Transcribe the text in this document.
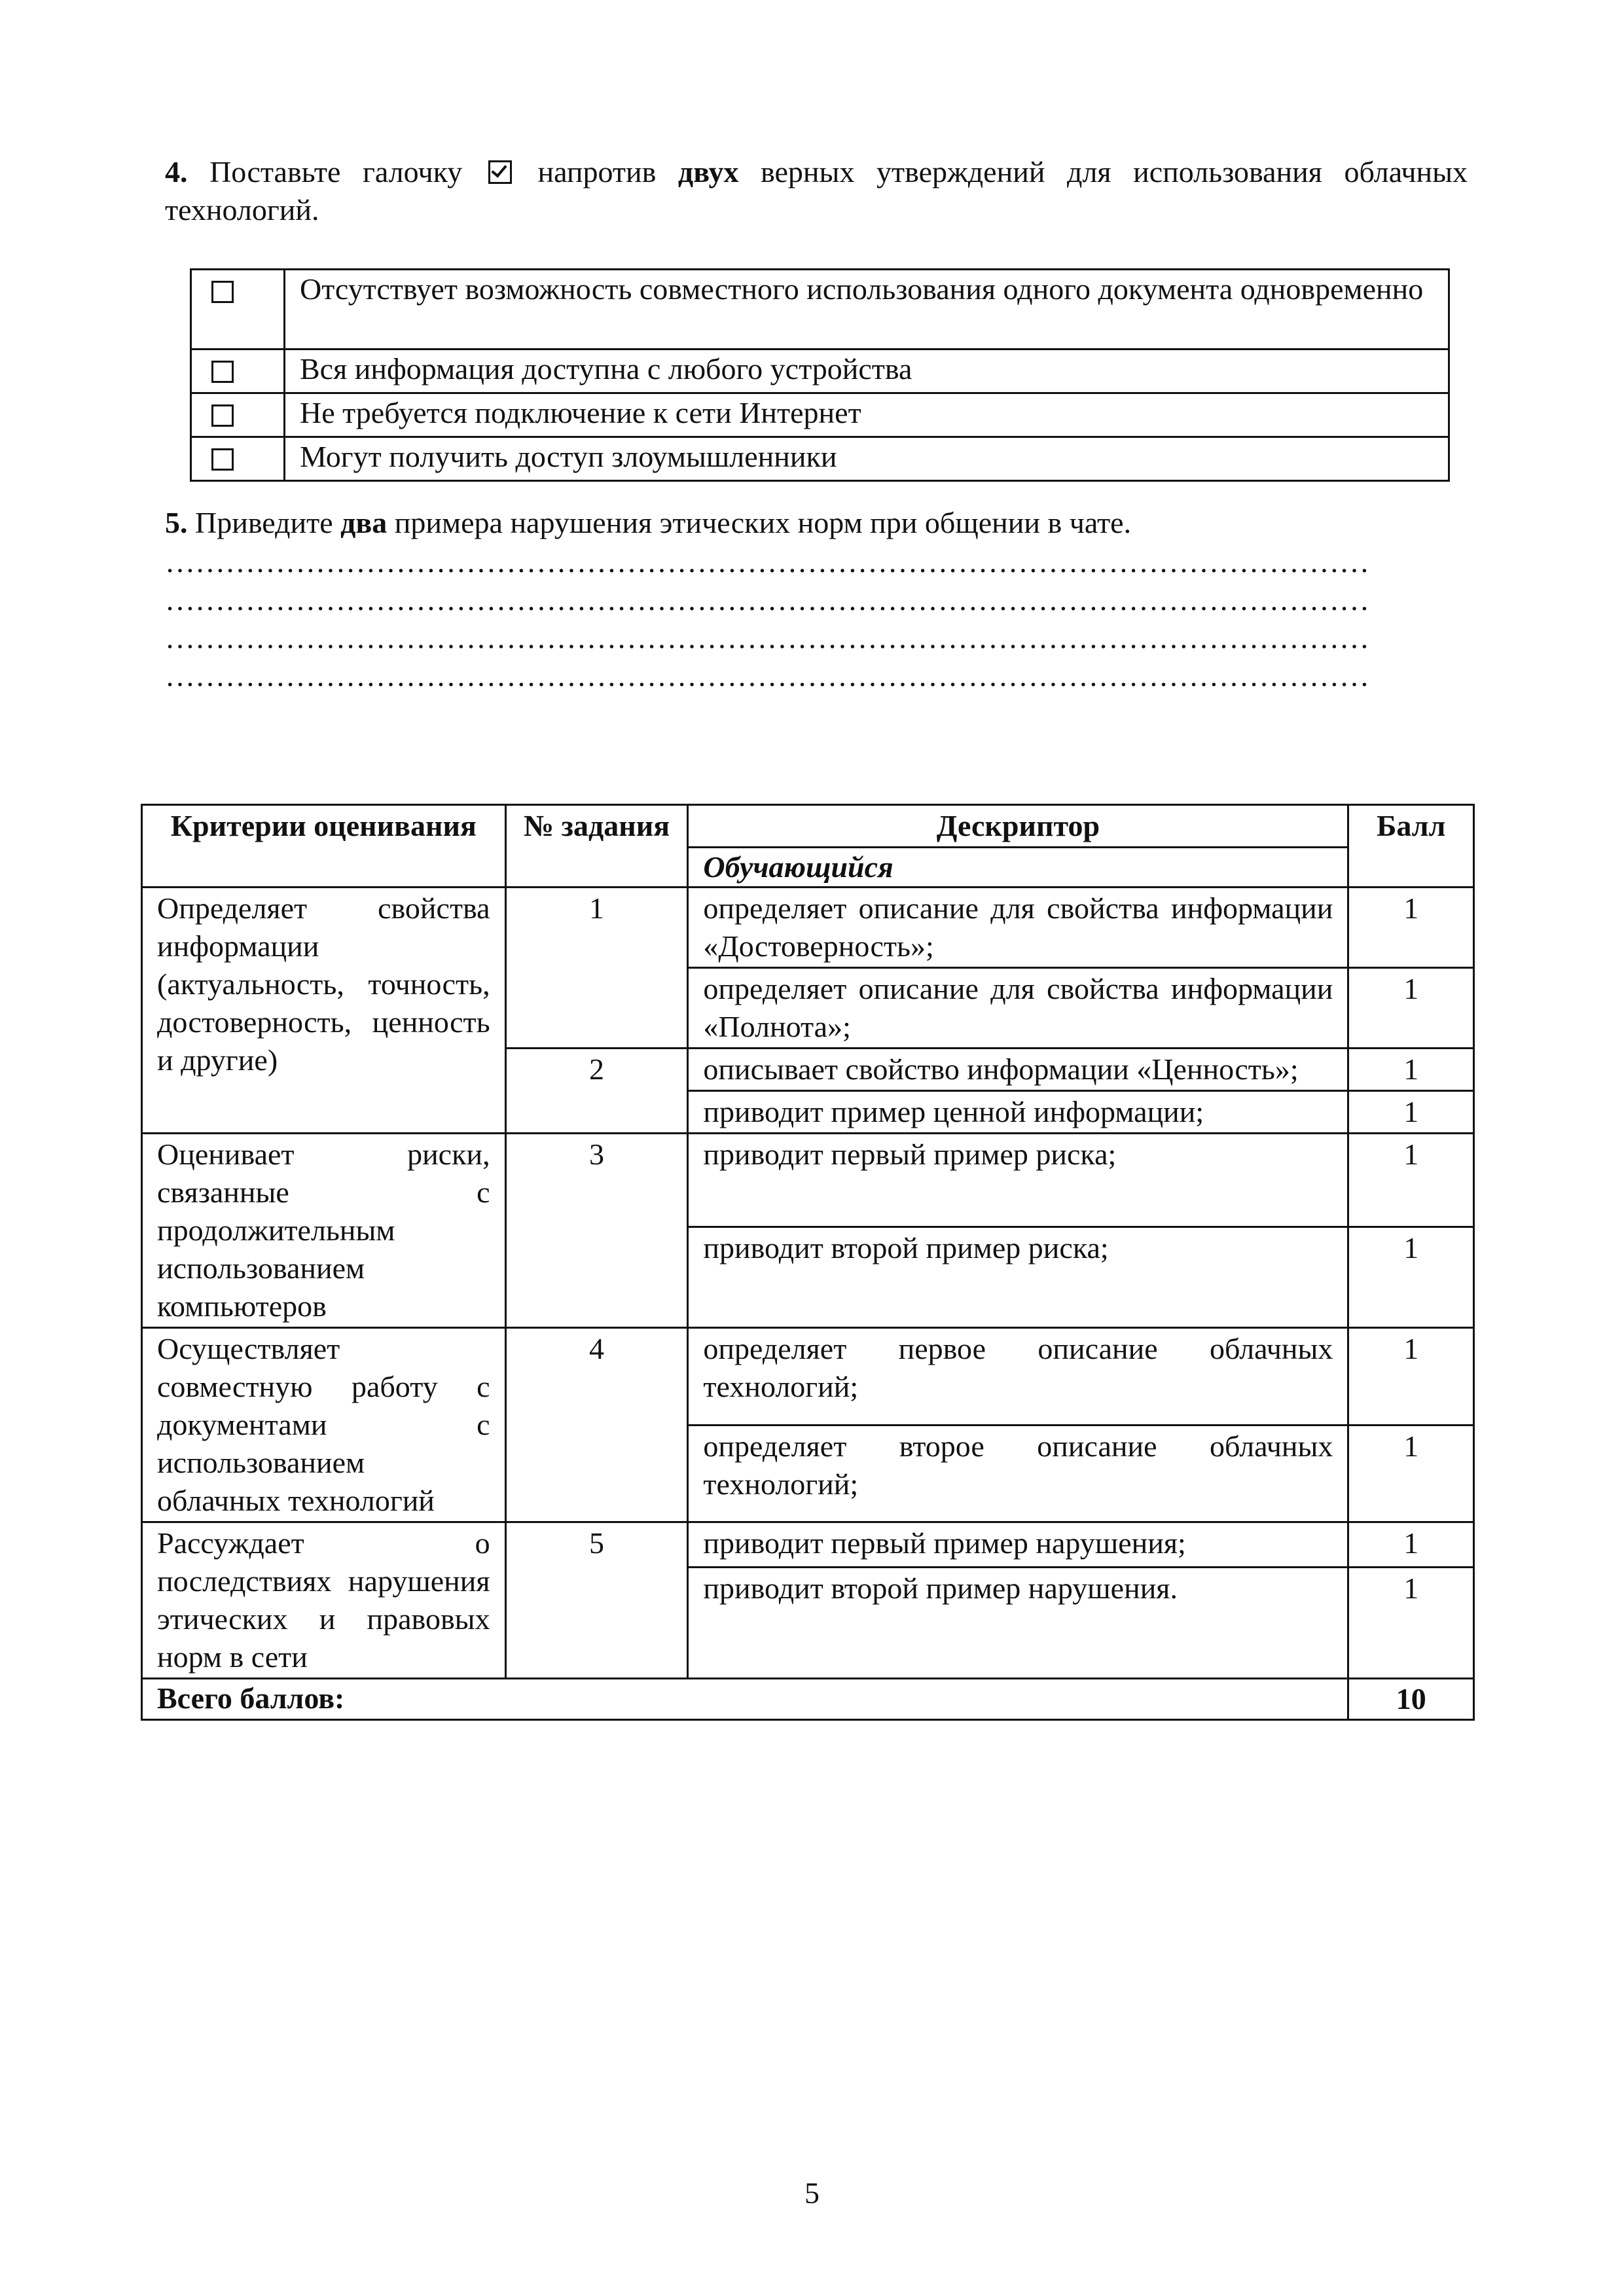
4. Поставьте галочку  напротив двух верных утверждений для использования облачных технологий.
	Отсутствует возможность совместного использования одного документа одновременно
	Вся информация доступна с любого устройства
	Не требуется подключение к сети Интернет
	Могут получить доступ злоумышленники
5. Приведите два примера нарушения этических норм при общении в чате.
…………………………………………………………………………………………………………
…………………………………………………………………………………………………………
…………………………………………………………………………………………………………
…………………………………………………………………………………………………………
Критерии оценивания	№ задания	Дескриптор	Балл
		Обучающийся	
Определяет свойства информации (актуальность, точность, достоверность, ценность и другие)	1	определяет описание для свойства информации «Достоверность»;	1
		определяет описание для свойства информации «Полнота»;	1
	2	описывает свойство информации «Ценность»;	1
		приводит пример ценной информации;	1
Оценивает риски, связанные с продолжительным использованием компьютеров	3	приводит первый пример риска;	1
		приводит второй пример риска;	1
Осуществляет совместную работу с документами с использованием облачных технологий	4	определяет первое описание облачных технологий;	1
		определяет второе описание облачных технологий;	1
Рассуждает о последствиях нарушения этических и правовых норм в сети	5	приводит первый пример нарушения;	1
		приводит второй пример нарушения.	1
Всего баллов:			10
5
